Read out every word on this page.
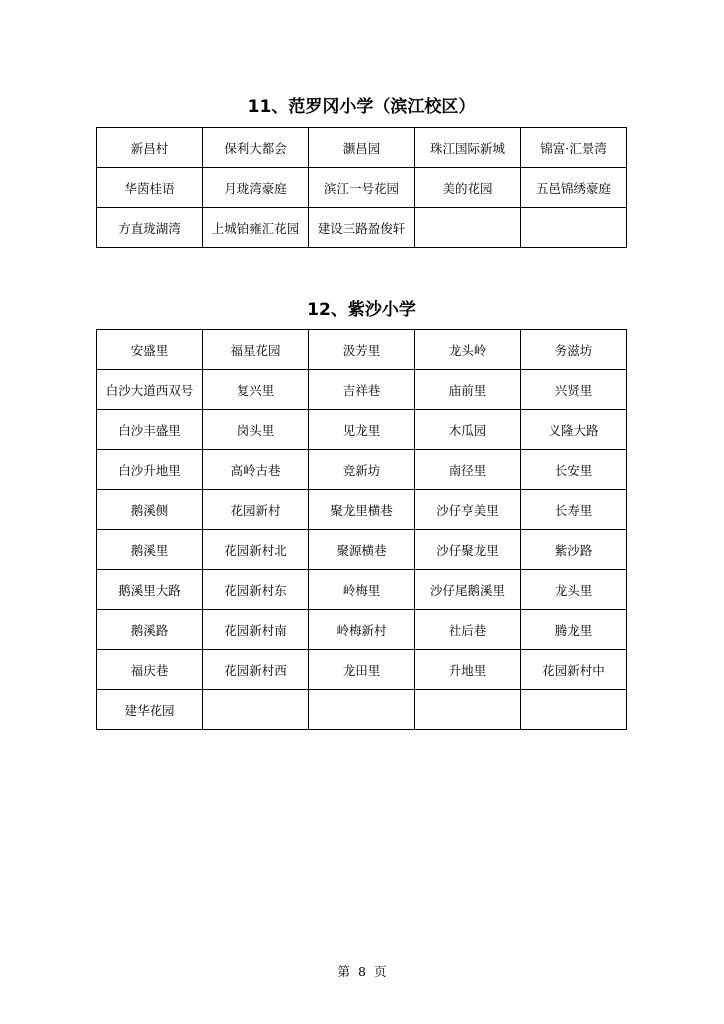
11、范罗冈小学（滨江校区）
新昌村	保利大都会	灏昌园	珠江国际新城	锦富·汇景湾
华茵桂语	月珑湾豪庭	滨江一号花园	美的花园	五邑锦绣豪庭
方直珑湖湾	上城铂雍汇花园	建设三路盈俊轩		
12、紫沙小学
安盛里	福星花园	汲芳里	龙头岭	务滋坊
白沙大道西双号	复兴里	吉祥巷	庙前里	兴贤里
白沙丰盛里	岗头里	见龙里	木瓜园	义隆大路
白沙升地里	高岭古巷	竞新坊	南径里	长安里
鹅溪侧	花园新村	聚龙里横巷	沙仔亨美里	长寿里
鹅溪里	花园新村北	聚源横巷	沙仔聚龙里	紫沙路
鹅溪里大路	花园新村东	岭梅里	沙仔尾鹅溪里	龙头里
鹅溪路	花园新村南	岭梅新村	社后巷	腾龙里
福庆巷	花园新村西	龙田里	升地里	花园新村中
建华花园				
第 8 页
